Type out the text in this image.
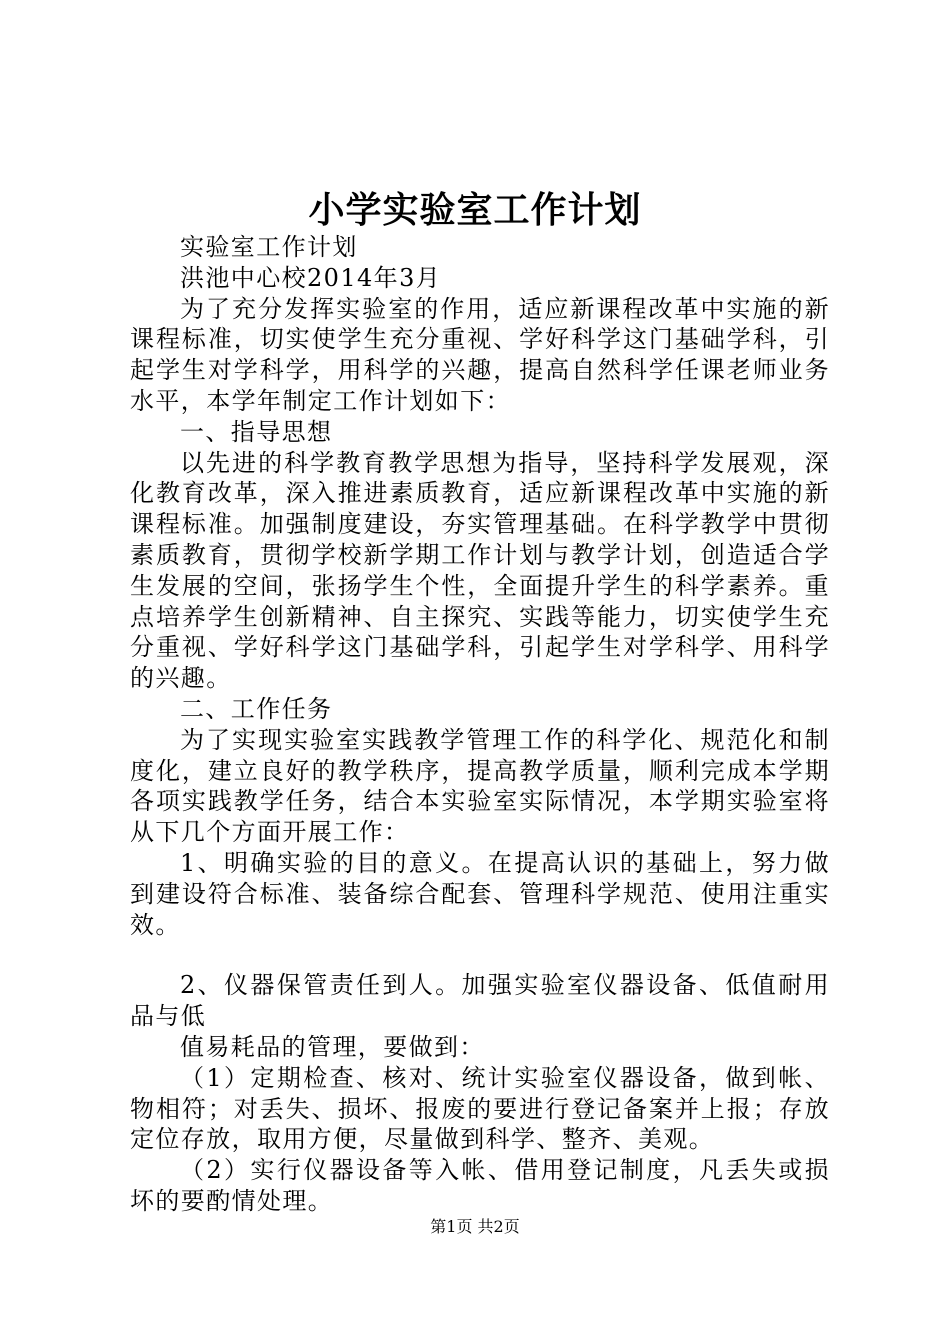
小学实验室工作计划

实验室工作计划

洪池中心校2014年3月

为了充分发挥实验室的作用，适应新课程改革中实施的新课程标准，切实使学生充分重视、学好科学这门基础学科，引起学生对学科学，用科学的兴趣，提高自然科学任课老师业务水平，本学年制定工作计划如下：

一、指导思想

以先进的科学教育教学思想为指导，坚持科学发展观，深化教育改革，深入推进素质教育，适应新课程改革中实施的新课程标准。加强制度建设，夯实管理基础。在科学教学中贯彻素质教育，贯彻学校新学期工作计划与教学计划，创造适合学生发展的空间，张扬学生个性，全面提升学生的科学素养。重点培养学生创新精神、自主探究、实践等能力，切实使学生充分重视、学好科学这门基础学科，引起学生对学科学、用科学的兴趣。

二、工作任务

为了实现实验室实践教学管理工作的科学化、规范化和制度化，建立良好的教学秩序，提高教学质量，顺利完成本学期各项实践教学任务，结合本实验室实际情况，本学期实验室将从下几个方面开展工作：

1、明确实验的目的意义。在提高认识的基础上，努力做到建设符合标准、装备综合配套、管理科学规范、使用注重实效。

2、仪器保管责任到人。加强实验室仪器设备、低值耐用品与低

值易耗品的管理，要做到：

（1）定期检查、核对、统计实验室仪器设备，做到帐、物相符；对丢失、损坏、报废的要进行登记备案并上报；存放定位存放，取用方便，尽量做到科学、整齐、美观。

（2）实行仪器设备等入帐、借用登记制度，凡丢失或损坏的要酌情处理。

第1页 共2页
